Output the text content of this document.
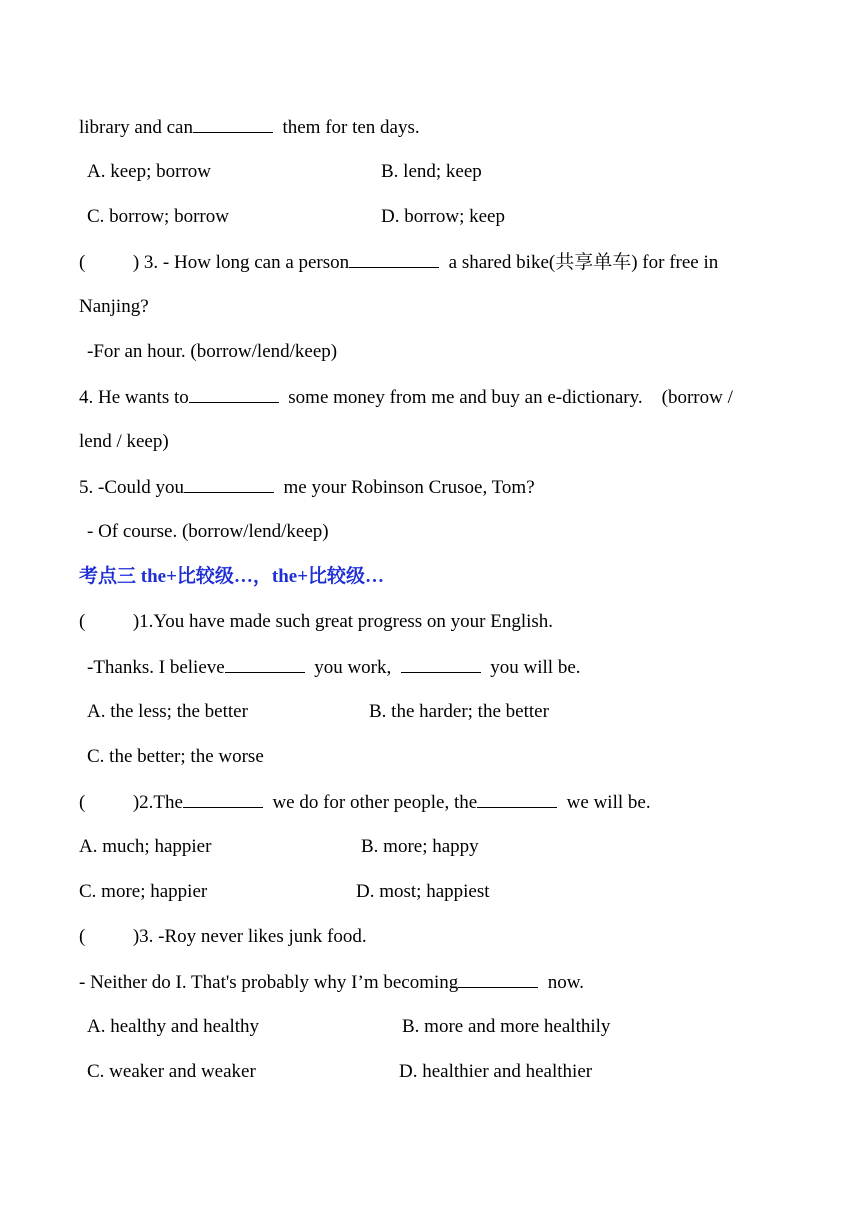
library and can	them for ten days.
A. keep; borrow	B. lend; keep
C. borrow; borrow	D. borrow; keep
(          ) 3. - How long can a person	a shared bike(共享单车) for free in
Nanjing?
-For an hour. (borrow/lend/keep)
4. He wants to	some money from me and buy an e-dictionary.    (borrow /
lend / keep)
5. -Could you	me your Robinson Crusoe, Tom?
- Of course. (borrow/lend/keep)
考点三 the+比较级…，the+比较级…
(          )1.You have made such great progress on your English.
-Thanks. I believe	you work,	you will be.
A. the less; the better	B. the harder; the better
C. the better; the worse
(          )2.The	we do for other people, the	we will be.
A. much; happier	B. more; happy
C. more; happier	D. most; happiest
(          )3. -Roy never likes junk food.
- Neither do I. That's probably why I’m becoming	now.
A. healthy and healthy	B. more and more healthily
C. weaker and weaker	D. healthier and healthier
